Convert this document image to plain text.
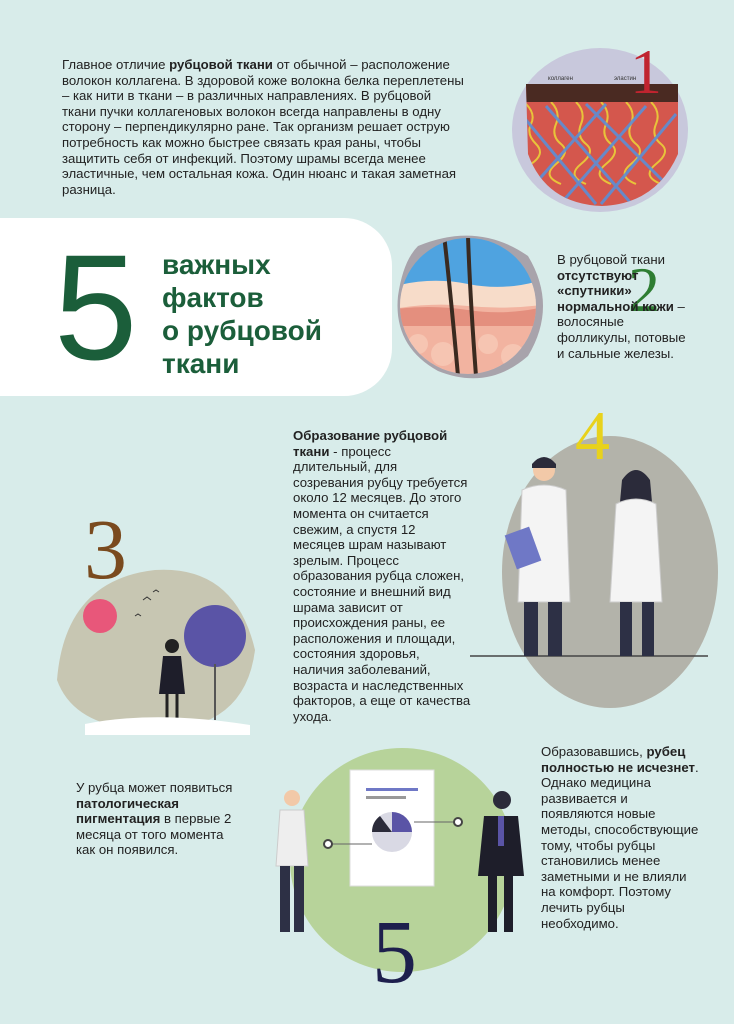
Главное отличие рубцовой ткани от обычной – расположение волокон коллагена. В здоровой коже волокна белка переплетены – как нити в ткани – в различных направлениях. В рубцовой ткани пучки коллагеновых волокон всегда направлены в одну сторону – перпендикулярно ране. Так организм решает острую потребность как можно быстрее связать края раны, чтобы защитить себя от инфекций. Поэтому шрамы всегда менее эластичные, чем остальная кожа. Один нюанс и такая заметная разница.

коллаген	эластин
1
5 важных
фактов
о рубцовой
ткани
2

В рубцовой ткани отсутствуют «спутники» нормальной кожи – волосяные фолликулы, потовые и сальные железы.

Образование рубцовой ткани - процесс длительный, для созревания рубцу требуется около 12 месяцев. До этого момента он считается свежим, а спустя 12 месяцев шрам называют зрелым. Процесс образования рубца сложен, состояние и внешний вид шрама зависит от происхождения раны, ее расположения и площади, состояния здоровья, наличия заболеваний, возраста и наследственных факторов, а еще от качества ухода.

4
3

У рубца может появиться патологическая пигментация в первые 2 месяца от того момента как он появился.

5

Образовавшись, рубец полностью не исчезнет. Однако медицина развивается и появляются новые методы, способствующие тому, чтобы рубцы становились менее заметными и не влияли на комфорт. Поэтому лечить рубцы необходимо.
